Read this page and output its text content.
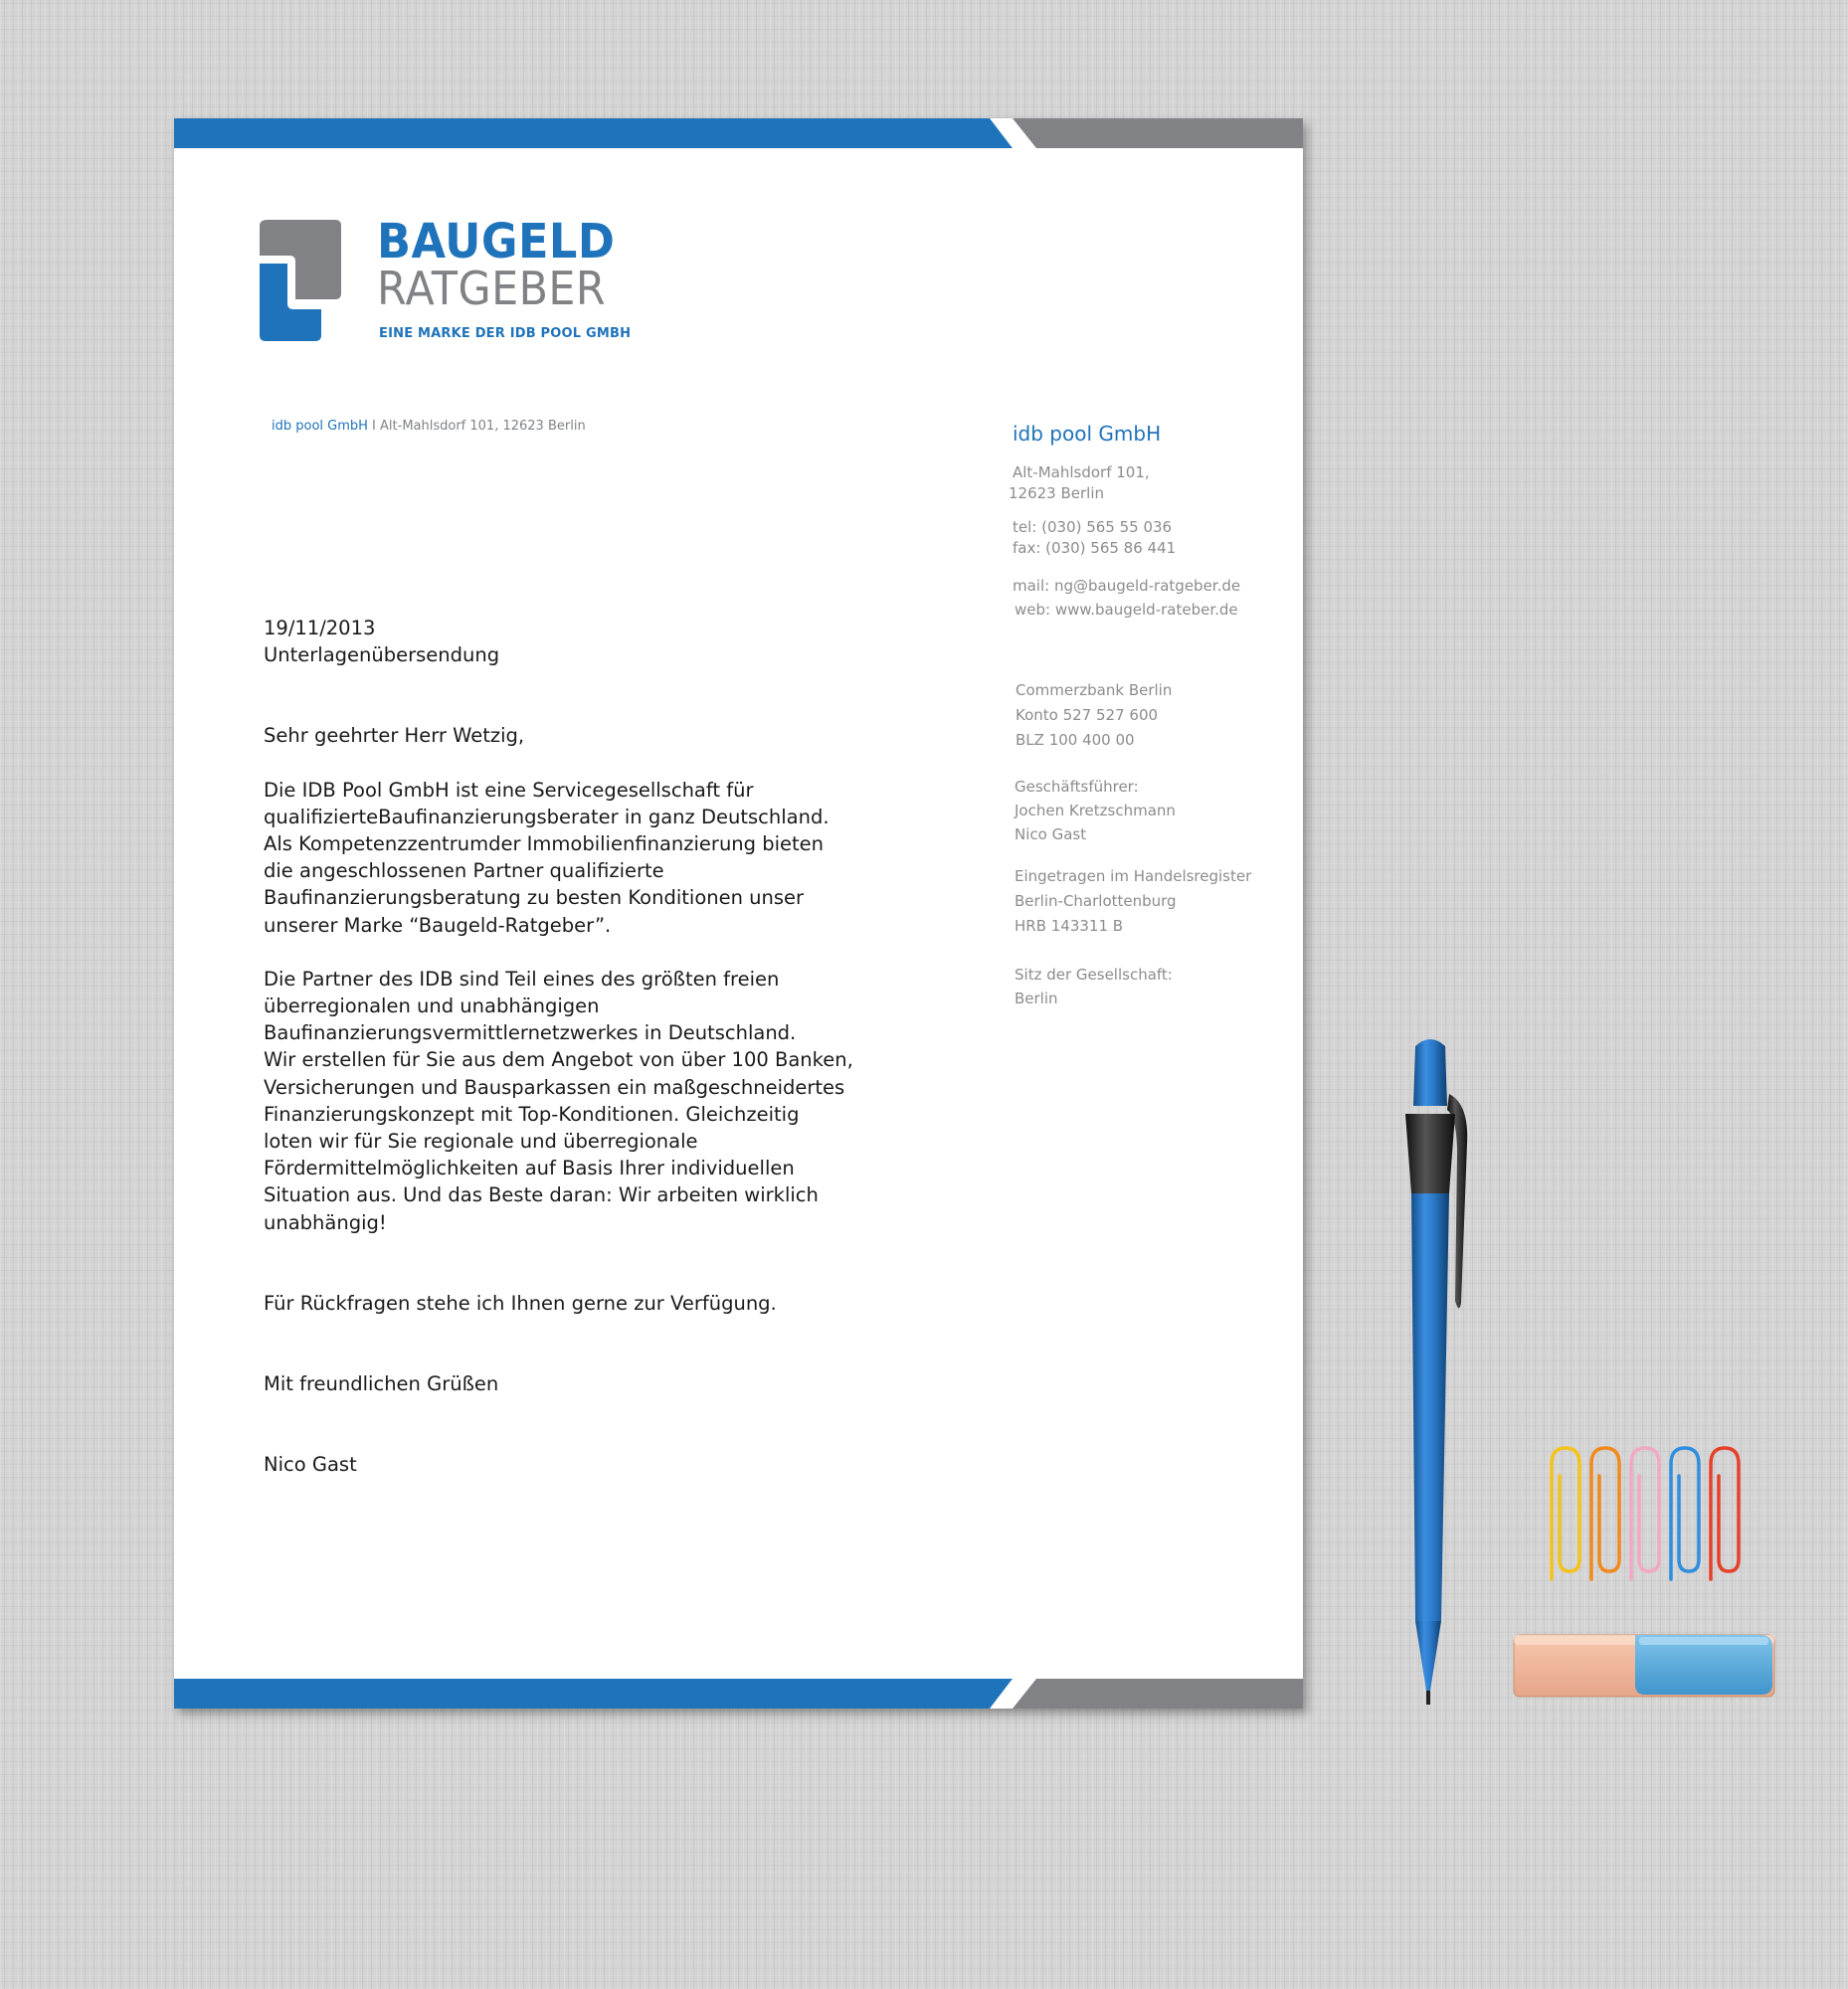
BAUGELD
RATGEBER
EINE MARKE DER IDB POOL GMBH
idb pool GmbH I Alt-Mahlsdorf 101, 12623 Berlin	idb pool GmbH

Alt-Mahlsdorf 101,

12623 Berlin

tel: (030) 565 55 036

fax: (030) 565 86 441

mail: ng@baugeld-ratgeber.de

web: www.baugeld-rateber.de

Commerzbank Berlin

Konto 527 527 600

BLZ 100 400 00

Geschäftsführer:

Jochen Kretzschmann

Nico Gast

Eingetragen im Handelsregister

Berlin-Charlottenburg

HRB 143311 B

Sitz der Gesellschaft:

Berlin

19/11/2013

Unterlagenübersendung

Sehr geehrter Herr Wetzig,

Die IDB Pool GmbH ist eine Servicegesellschaft für
qualifizierteBaufinanzierungsberater in ganz Deutschland.
Als Kompetenzzentrumder Immobilienfinanzierung bieten
die angeschlossenen Partner qualifizierte
Baufinanzierungsberatung zu besten Konditionen unser
unserer Marke “Baugeld-Ratgeber”.

Die Partner des IDB sind Teil eines des größten freien
überregionalen und unabhängigen
Baufinanzierungsvermittlernetzwerkes in Deutschland.
Wir erstellen für Sie aus dem Angebot von über 100 Banken,
Versicherungen und Bausparkassen ein maßgeschneidertes
Finanzierungskonzept mit Top-Konditionen. Gleichzeitig
loten wir für Sie regionale und überregionale
Fördermittelmöglichkeiten auf Basis Ihrer individuellen
Situation aus. Und das Beste daran: Wir arbeiten wirklich
unabhängig!

Für Rückfragen stehe ich Ihnen gerne zur Verfügung.

Mit freundlichen Grüßen

Nico Gast
